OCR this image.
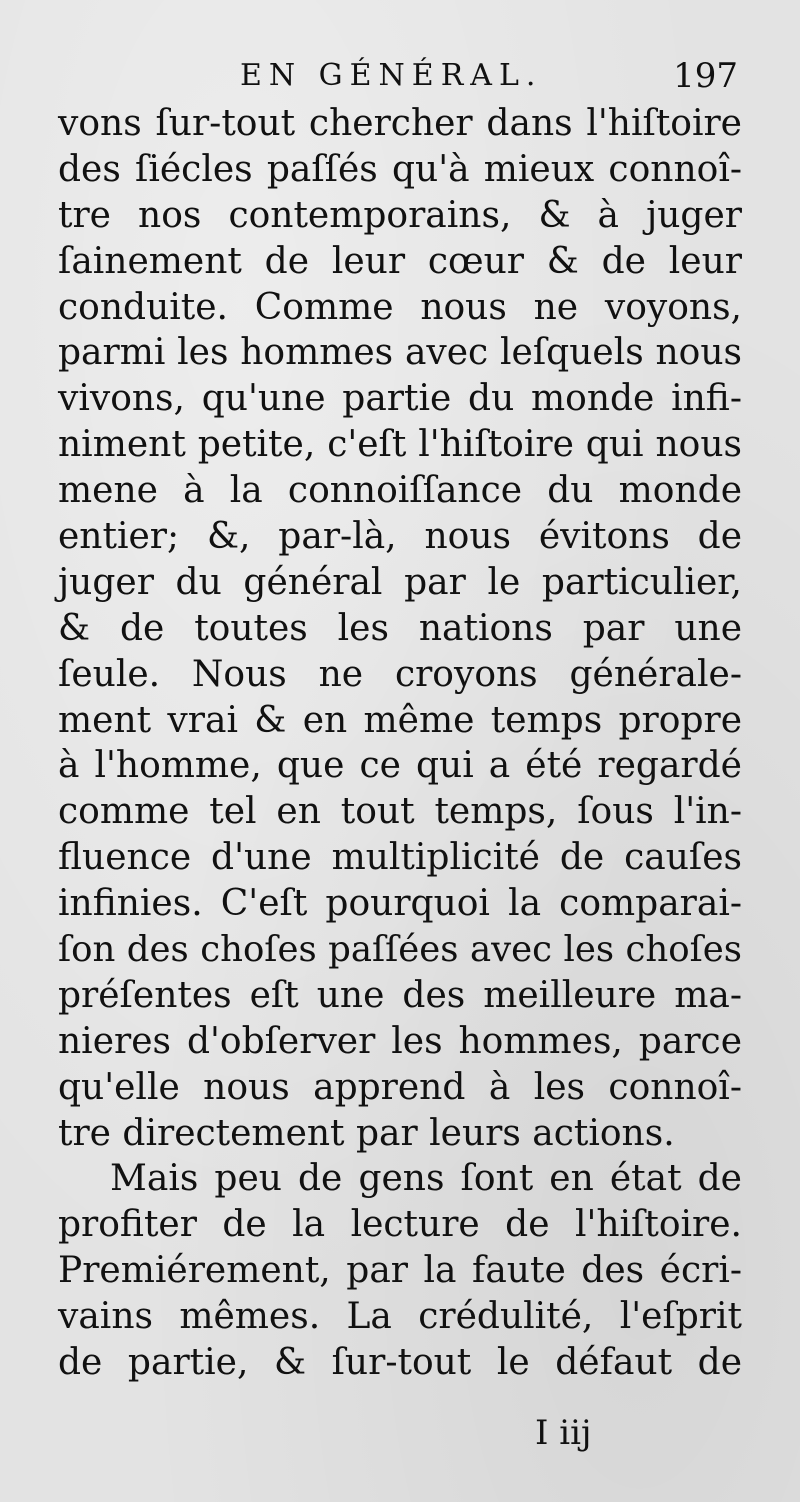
EN GÉNÉRAL.	197
vons ſur-tout chercher dans l'hiſtoire
des ſiécles paſſés qu'à mieux connoî-
tre nos contemporains, & à juger
ſainement de leur cœur & de leur
conduite. Comme nous ne voyons,
parmi les hommes avec leſquels nous
vivons, qu'une partie du monde infi-
niment petite, c'eſt l'hiſtoire qui nous
mene à la connoiſſance du monde
entier; &, par-là, nous évitons de
juger du général par le particulier,
& de toutes les nations par une
ſeule. Nous ne croyons générale-
ment vrai & en même temps propre
à l'homme, que ce qui a été regardé
comme tel en tout temps, ſous l'in-
fluence d'une multiplicité de cauſes
infinies. C'eſt pourquoi la comparai-
ſon des choſes paſſées avec les choſes
préſentes eſt une des meilleure ma-
nieres d'obſerver les hommes, parce
qu'elle nous apprend à les connoî-
tre directement par leurs actions.
Mais peu de gens ſont en état de
profiter de la lecture de l'hiſtoire.
Premiérement, par la faute des écri-
vains mêmes. La crédulité, l'eſprit
de partie, & ſur-tout le défaut de
I iij
